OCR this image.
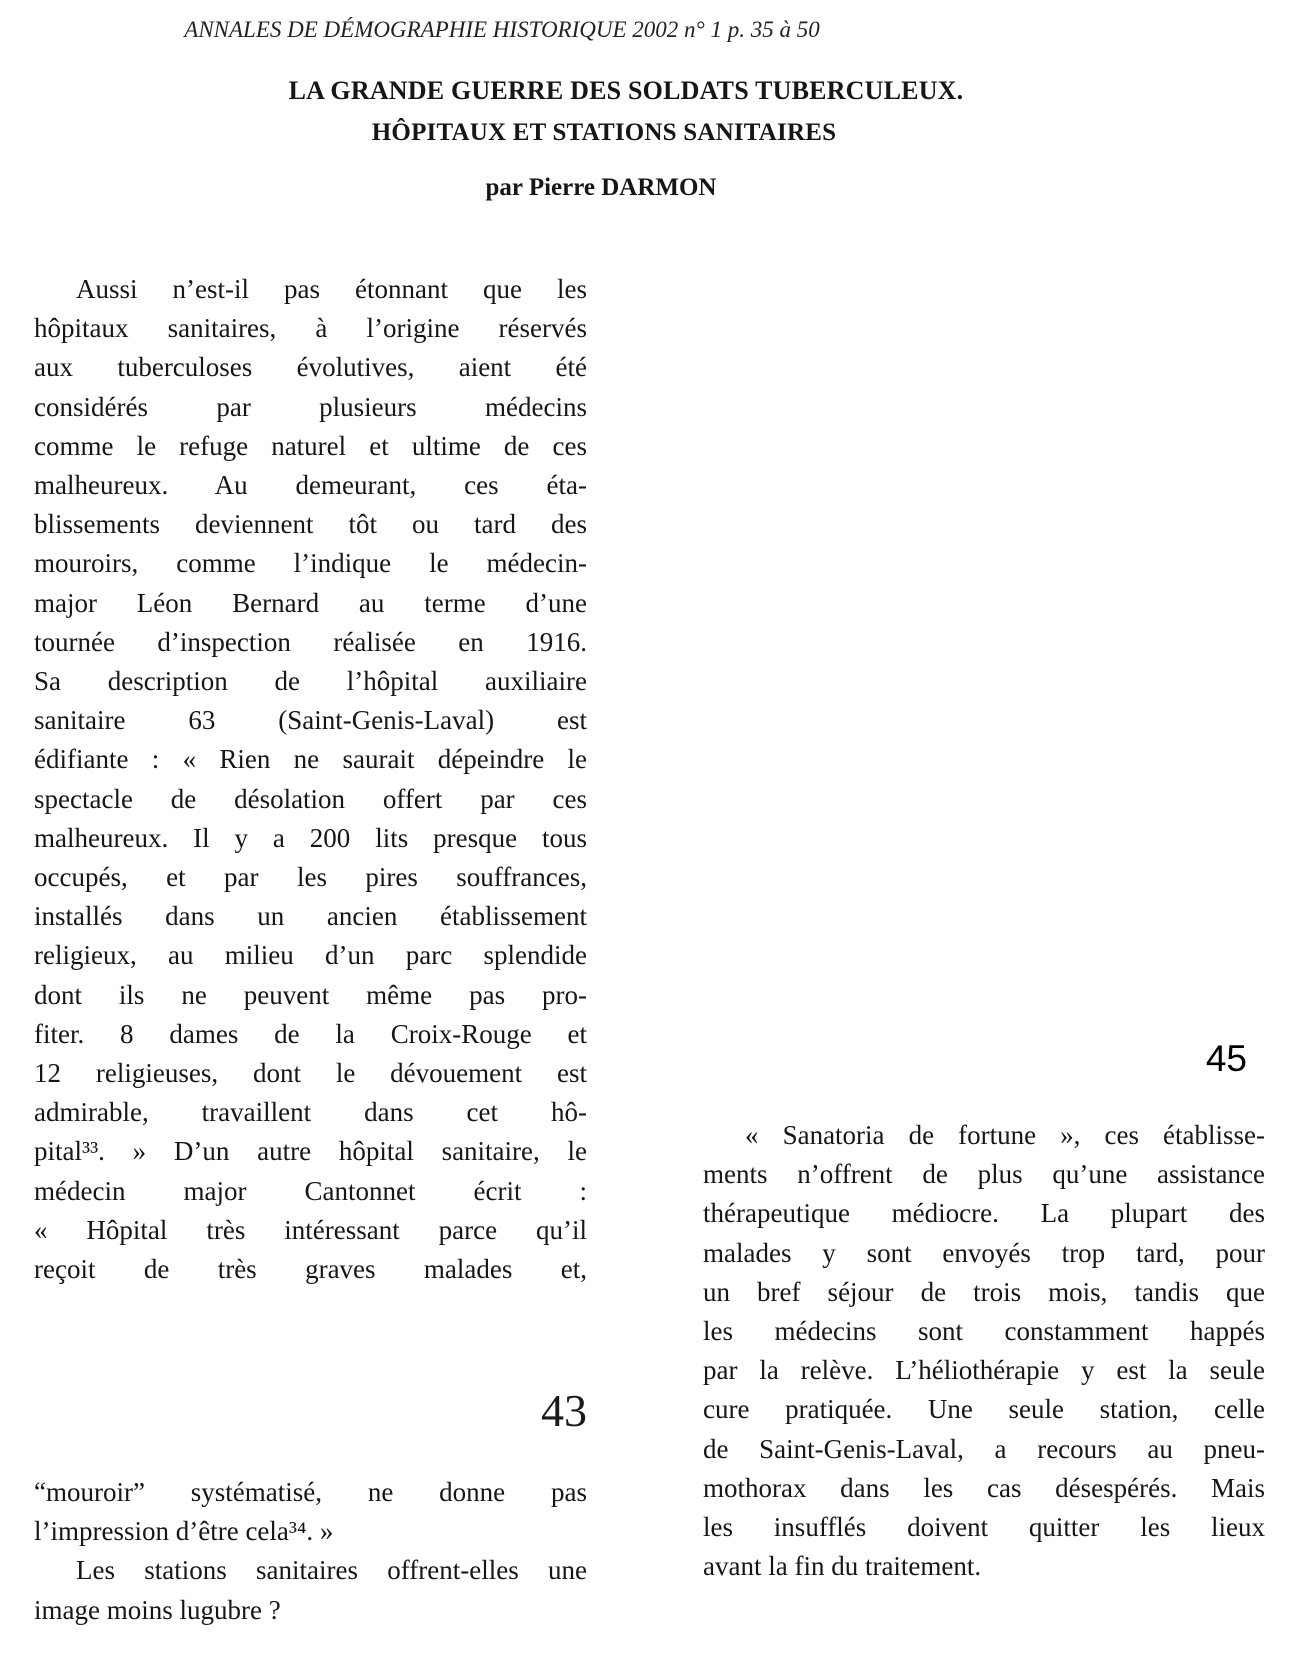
ANNALES DE DÉMOGRAPHIE HISTORIQUE 2002 n° 1 p. 35 à 50
LA GRANDE GUERRE DES SOLDATS TUBERCULEUX.
HÔPITAUX ET STATIONS SANITAIRES
par Pierre DARMON
Aussi n’est-il pas étonnant que les
hôpitaux sanitaires, à l’origine réservés
aux tuberculoses évolutives, aient été
considérés par plusieurs médecins
comme le refuge naturel et ultime de ces
malheureux. Au demeurant, ces éta-
blissements deviennent tôt ou tard des
mouroirs, comme l’indique le médecin-
major Léon Bernard au terme d’une
tournée d’inspection réalisée en 1916.
Sa description de l’hôpital auxiliaire
sanitaire 63 (Saint-Genis-Laval) est
édifiante : « Rien ne saurait dépeindre le
spectacle de désolation offert par ces
malheureux. Il y a 200 lits presque tous
occupés, et par les pires souffrances,
installés dans un ancien établissement
religieux, au milieu d’un parc splendide
dont ils ne peuvent même pas pro-
fiter. 8 dames de la Croix-Rouge et
12 religieuses, dont le dévouement est
admirable, travaillent dans cet hô-
pital³³. » D’un autre hôpital sanitaire, le
médecin major Cantonnet écrit :
« Hôpital très intéressant parce qu’il
reçoit de très graves malades et,
43
“mouroir” systématisé, ne donne pas
l’impression d’être cela³⁴. »
Les stations sanitaires offrent-elles une
image moins lugubre ?
45
« Sanatoria de fortune », ces établisse-
ments n’offrent de plus qu’une assistance
thérapeutique médiocre. La plupart des
malades y sont envoyés trop tard, pour
un bref séjour de trois mois, tandis que
les médecins sont constamment happés
par la relève. L’héliothérapie y est la seule
cure pratiquée. Une seule station, celle
de Saint-Genis-Laval, a recours au pneu-
mothorax dans les cas désespérés. Mais
les insufflés doivent quitter les lieux
avant la fin du traitement.
